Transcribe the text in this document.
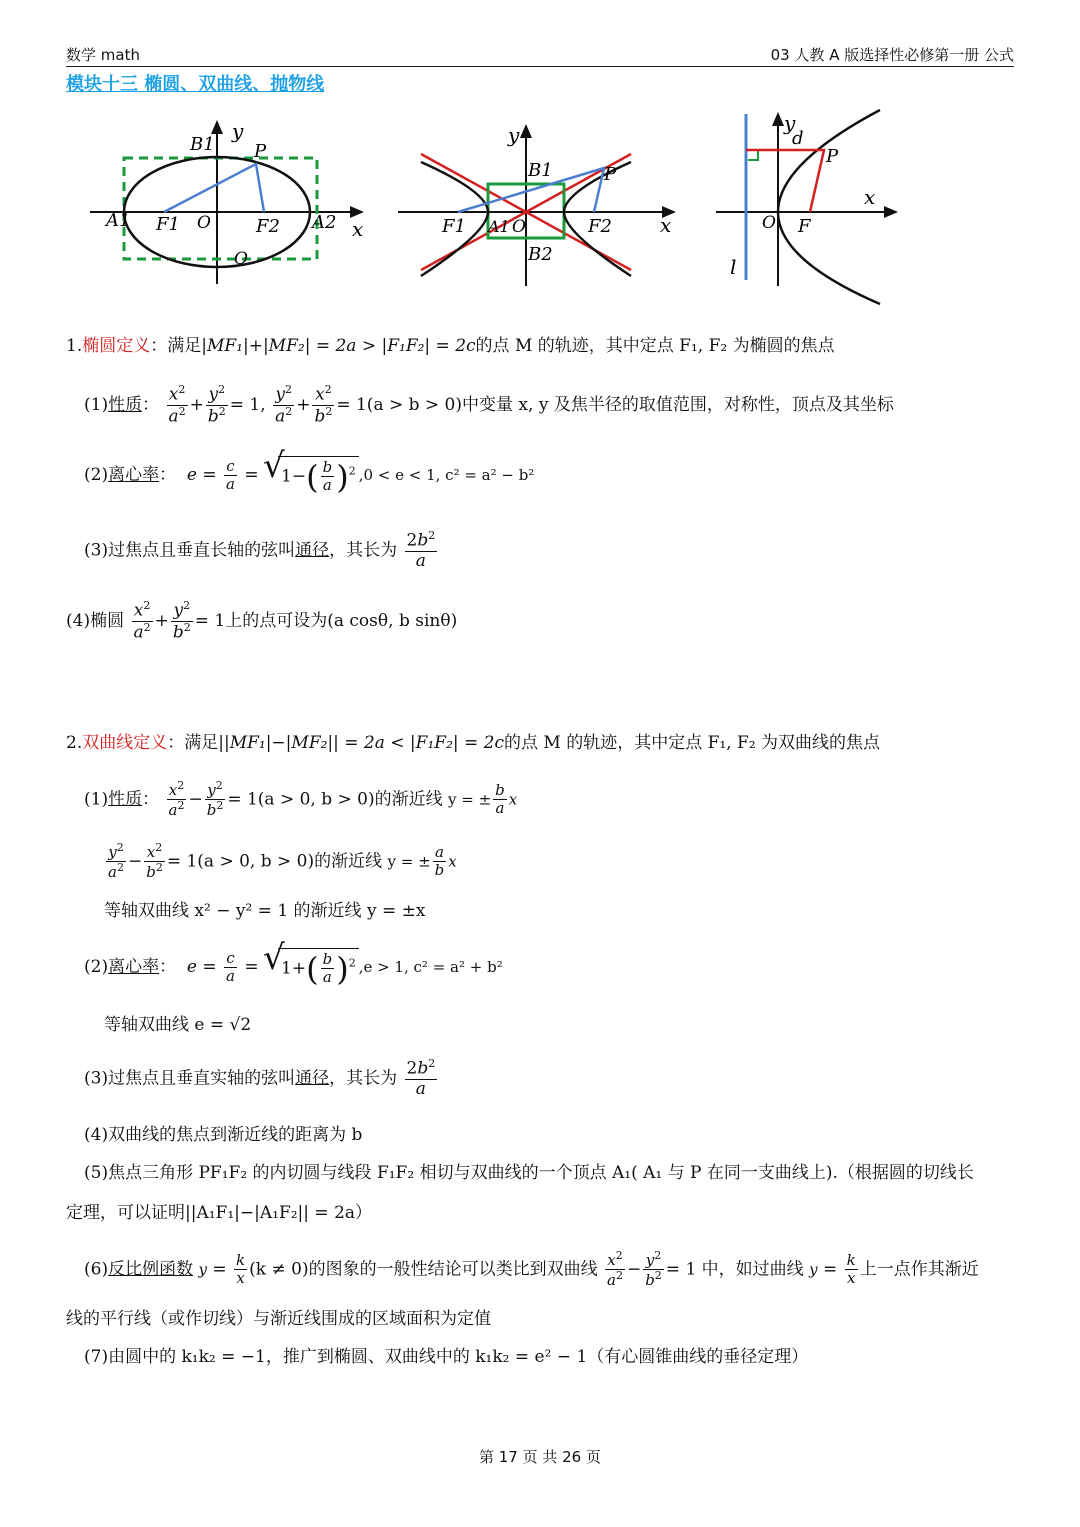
数学 math	03 人教 A 版选择性必修第一册 公式
模块十三 椭圆、双曲线、抛物线
A1
B1
y
P
F1 O	F2 A2 x
O
y
B1	P
F1 A1 O	F2 x
B2
y
d
P
x
O F
l
1.椭圆定义：满足|MF₁|+|MF₂| = 2a > |F₁F₂| = 2c的点 M 的轨迹，其中定点 F₁, F₂ 为椭圆的焦点
(1)性质： $\frac{x^2}{a^2} + \frac{y^2}{b^2} = 1$, $\frac{y^2}{a^2} + \frac{x^2}{b^2} = 1(a > b > 0)$中变量 x, y 及焦半径的取值范围，对称性，顶点及其坐标
(2)离心率：  $e = \frac{c}{a}$ = √ $1-( \frac{b}{a} )^2$ ,0 < e < 1, c² = a² − b²
(3)过焦点且垂直长轴的弦叫通径，其长为 $\frac{2b^2}{a}$
(4)椭圆 $\frac{x^2}{a^2} + \frac{y^2}{b^2} = 1$上的点可设为(a cosθ, b sinθ)
2.双曲线定义：满足||MF₁|−|MF₂|| = 2a < |F₁F₂| = 2c的点 M 的轨迹，其中定点 F₁, F₂ 为双曲线的焦点
(1)性质： $\frac{x^2}{a^2} - \frac{y^2}{b^2} = 1(a > 0$, b > 0)的渐近线 y = ± $\frac{b}{a}$ x
$\frac{y^2}{a^2} - \frac{x^2}{b^2} = 1(a > 0$, b > 0)的渐近线 y = ± $\frac{a}{b}$ x
等轴双曲线 x² − y² = 1 的渐近线 y = ±x
(2)离心率：  $e = \frac{c}{a}$ = √ $1+( \frac{b}{a} )^2$ ,e > 1, c² = a² + b²
等轴双曲线 e = √2
(3)过焦点且垂直实轴的弦叫通径，其长为 $\frac{2b^2}{a}$
(4)双曲线的焦点到渐近线的距离为 b
(5)焦点三角形 PF₁F₂ 的内切圆与线段 F₁F₂ 相切与双曲线的一个顶点 A₁( A₁ 与 P 在同一支曲线上).（根据圆的切线长
定理，可以证明||A₁F₁|−|A₁F₂|| = 2a）
(6)反比例函数 $y = \frac{k}{x} (k \ne 0)$的图象的一般性结论可以类比到双曲线 $\frac{x^2}{a^2} - \frac{y^2}{b^2} = 1$ 中，如过曲线 $y = \frac{k}{x}$ 上一点作其渐近
线的平行线（或作切线）与渐近线围成的区域面积为定值
(7)由圆中的 k₁k₂ = −1，推广到椭圆、双曲线中的 k₁k₂ = e² − 1（有心圆锥曲线的垂径定理）
第 17 页 共 26 页
